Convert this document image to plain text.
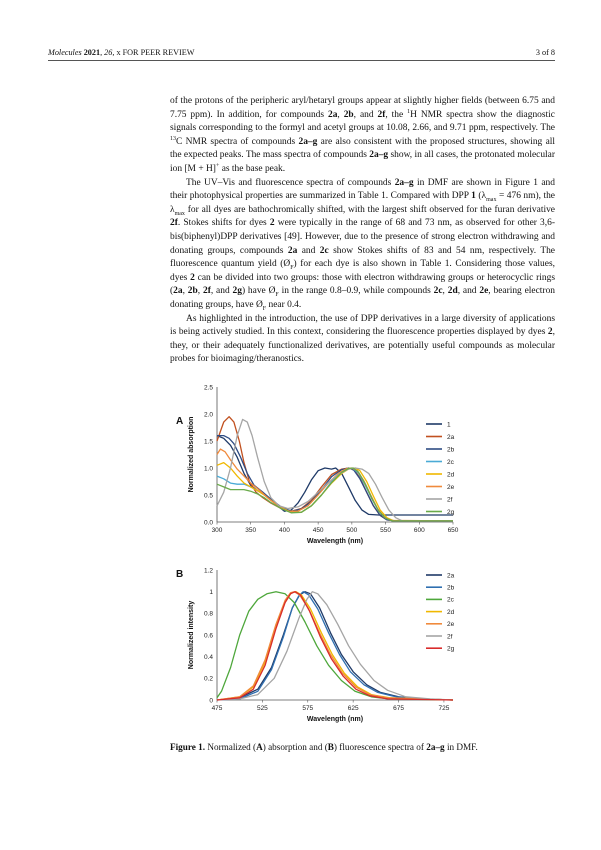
Molecules 2021, 26, x FOR PEER REVIEW	3 of 8

of the protons of the peripheric aryl/hetaryl groups appear at slightly higher fields (between 6.75 and 7.75 ppm). In addition, for compounds 2a, 2b, and 2f, the $^1$H NMR spectra show the diagnostic signals corresponding to the formyl and acetyl groups at 10.08, 2.66, and 9.71 ppm, respectively. The $^{13}$C NMR spectra of compounds 2a–g are also consistent with the proposed structures, showing all the expected peaks. The mass spectra of compounds 2a–g show, in all cases, the protonated molecular ion [M + H]+ as the base peak.

The UV–Vis and fluorescence spectra of compounds 2a–g in DMF are shown in Figure 1 and their photophysical properties are summarized in Table 1. Compared with DPP 1 ($\lambda_{max} = 476$ nm), the $\lambda_{max}$ for all dyes are bathochromically shifted, with the largest shift observed for the furan derivative 2f. Stokes shifts for dyes 2 were typically in the range of 68 and 73 nm, as observed for other 3,6-bis(biphenyl)DPP derivatives [49]. However, due to the presence of strong electron withdrawing and donating groups, compounds 2a and 2c show Stokes shifts of 83 and 54 nm, respectively. The fluorescence quantum yield $(Ø_F)$ for each dye is also shown in Table 1. Considering those values, dyes 2 can be divided into two groups: those with electron withdrawing groups or heterocyclic rings (2a, 2b, 2f, and 2g) have $Ø_F$ in the range 0.8–0.9, while compounds 2c, 2d, and 2e, bearing electron donating groups, have $Ø_F$ near 0.4.

As highlighted in the introduction, the use of DPP derivatives in a large diversity of applications is being actively studied. In this context, considering the fluorescence properties displayed by dyes 2, they, or their adequately functionalized derivatives, are potentially useful compounds as molecular probes for bioimaging/theranostics.

A
300	350	400	450	500	550	600	650
0.0
0.5
1.0
1.5
2.0
2.5
Wavelength (nm)
Normalized absorption	1
2a
2b
2c
2d
2e
2f
2g
B
475	525	575	625	675	725
0
0.2
0.4
0.6
0.8
1
1.2
Wavelength (nm)
Normalized intensity
2a
2b
2c
2d
2e
2f
2g
Figure 1. Normalized (A) absorption and (B) fluorescence spectra of 2a–g in DMF.
